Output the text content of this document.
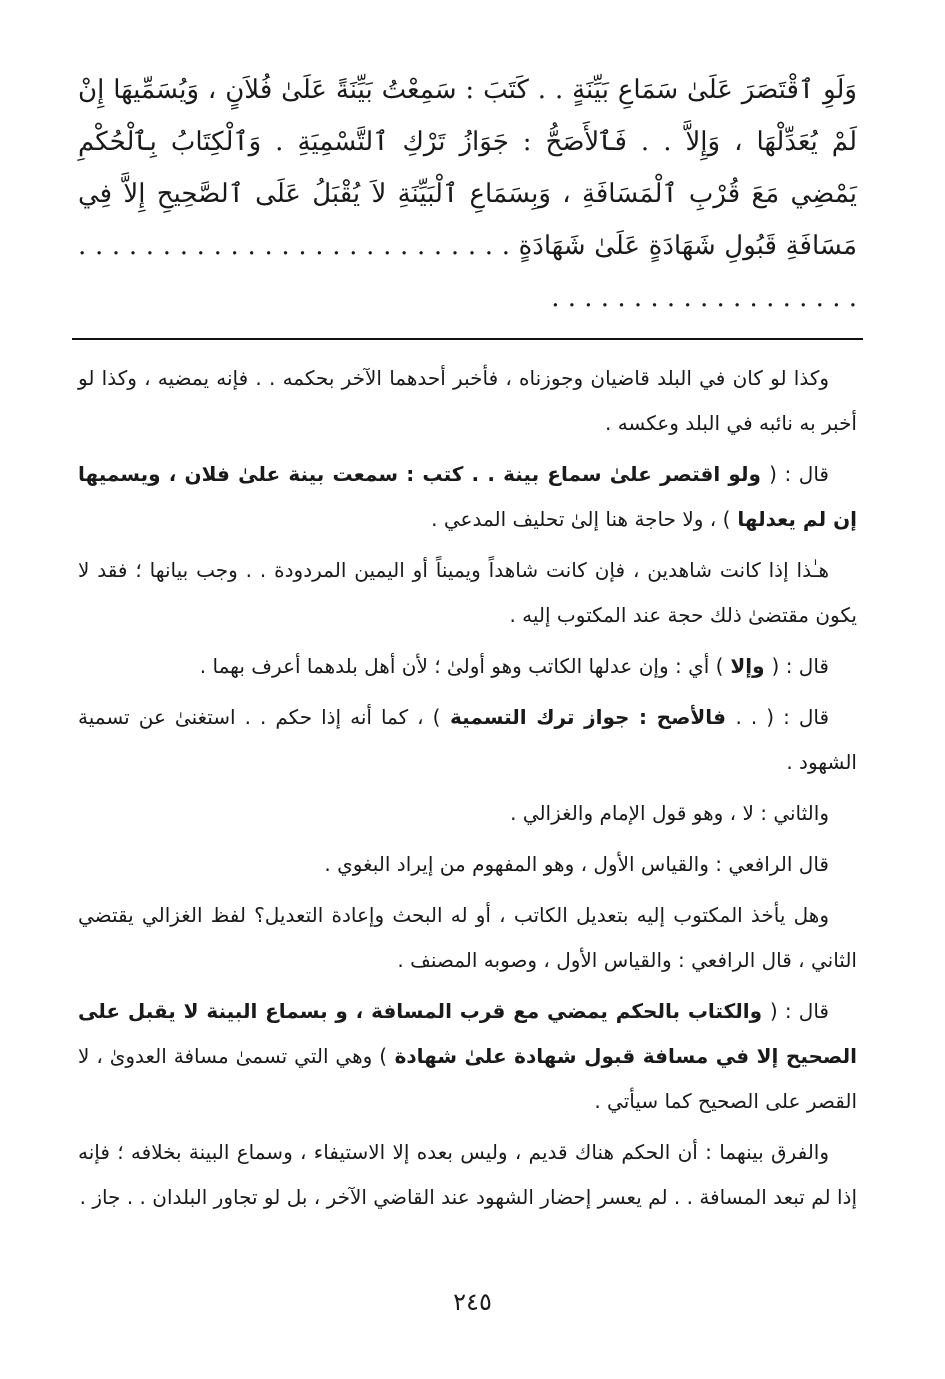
وَلَوِ ٱقْتَصَرَ عَلَىٰ سَمَاعِ بَيِّنَةٍ . . كَتَبَ : سَمِعْتُ بَيِّنَةً عَلَىٰ فُلاَنٍ ، وَيُسَمِّيهَا إِنْ لَمْ يُعَدِّلْهَا ، وَإِلاَّ . . فَٱلأَصَحُّ : جَوَازُ تَرْكِ ٱلتَّسْمِيَةِ . وَٱلْكِتَابُ بِٱلْحُكْمِ يَمْضِي مَعَ قُرْبِ ٱلْمَسَافَةِ ، وَبِسَمَاعِ ٱلْبَيِّنَةِ لاَ يُقْبَلُ عَلَى ٱلصَّحِيحِ إِلاَّ فِي مَسَافَةِ قَبُولِ شَهَادَةٍ عَلَىٰ شَهَادَةٍ . . . . . . . . . . . . . . . . . . . . . . . . . . . . . . . . . . . . . . . . . . . . .

وكذا لو كان في البلد قاضيان وجوزناه ، فأخبر أحدهما الآخر بحكمه . . فإنه يمضيه ، وكذا لو أخبر به نائبه في البلد وعكسه .

قال : ( ولو اقتصر علىٰ سماع بينة . . كتب : سمعت بينة علىٰ فلان ، ويسميها إن لم يعدلها ) ، ولا حاجة هنا إلىٰ تحليف المدعي .

هـٰذا إذا كانت شاهدين ، فإن كانت شاهداً ويميناً أو اليمين المردودة . . وجب بيانها ؛ فقد لا يكون مقتضىٰ ذلك حجة عند المكتوب إليه .

قال : ( وإلا ) أي : وإن عدلها الكاتب وهو أولىٰ ؛ لأن أهل بلدهما أعرف بهما .

قال : ( . . فالأصح : جواز ترك التسمية ) ، كما أنه إذا حكم . . استغنىٰ عن تسمية الشهود .

والثاني : لا ، وهو قول الإمام والغزالي .

قال الرافعي : والقياس الأول ، وهو المفهوم من إيراد البغوي .

وهل يأخذ المكتوب إليه بتعديل الكاتب ، أو له البحث وإعادة التعديل؟ لفظ الغزالي يقتضي الثاني ، قال الرافعي : والقياس الأول ، وصوبه المصنف .

قال : ( والكتاب بالحكم يمضي مع قرب المسافة ، و بسماع البينة لا يقبل على الصحيح إلا في مسافة قبول شهادة علىٰ شهادة ) وهي التي تسمىٰ مسافة العدوىٰ ، لا القصر على الصحيح كما سيأتي .

والفرق بينهما : أن الحكم هناك قديم ، وليس بعده إلا الاستيفاء ، وسماع البينة بخلافه ؛ فإنه إذا لم تبعد المسافة . . لم يعسر إحضار الشهود عند القاضي الآخر ، بل لو تجاور البلدان . . جاز .

٢٤٥
